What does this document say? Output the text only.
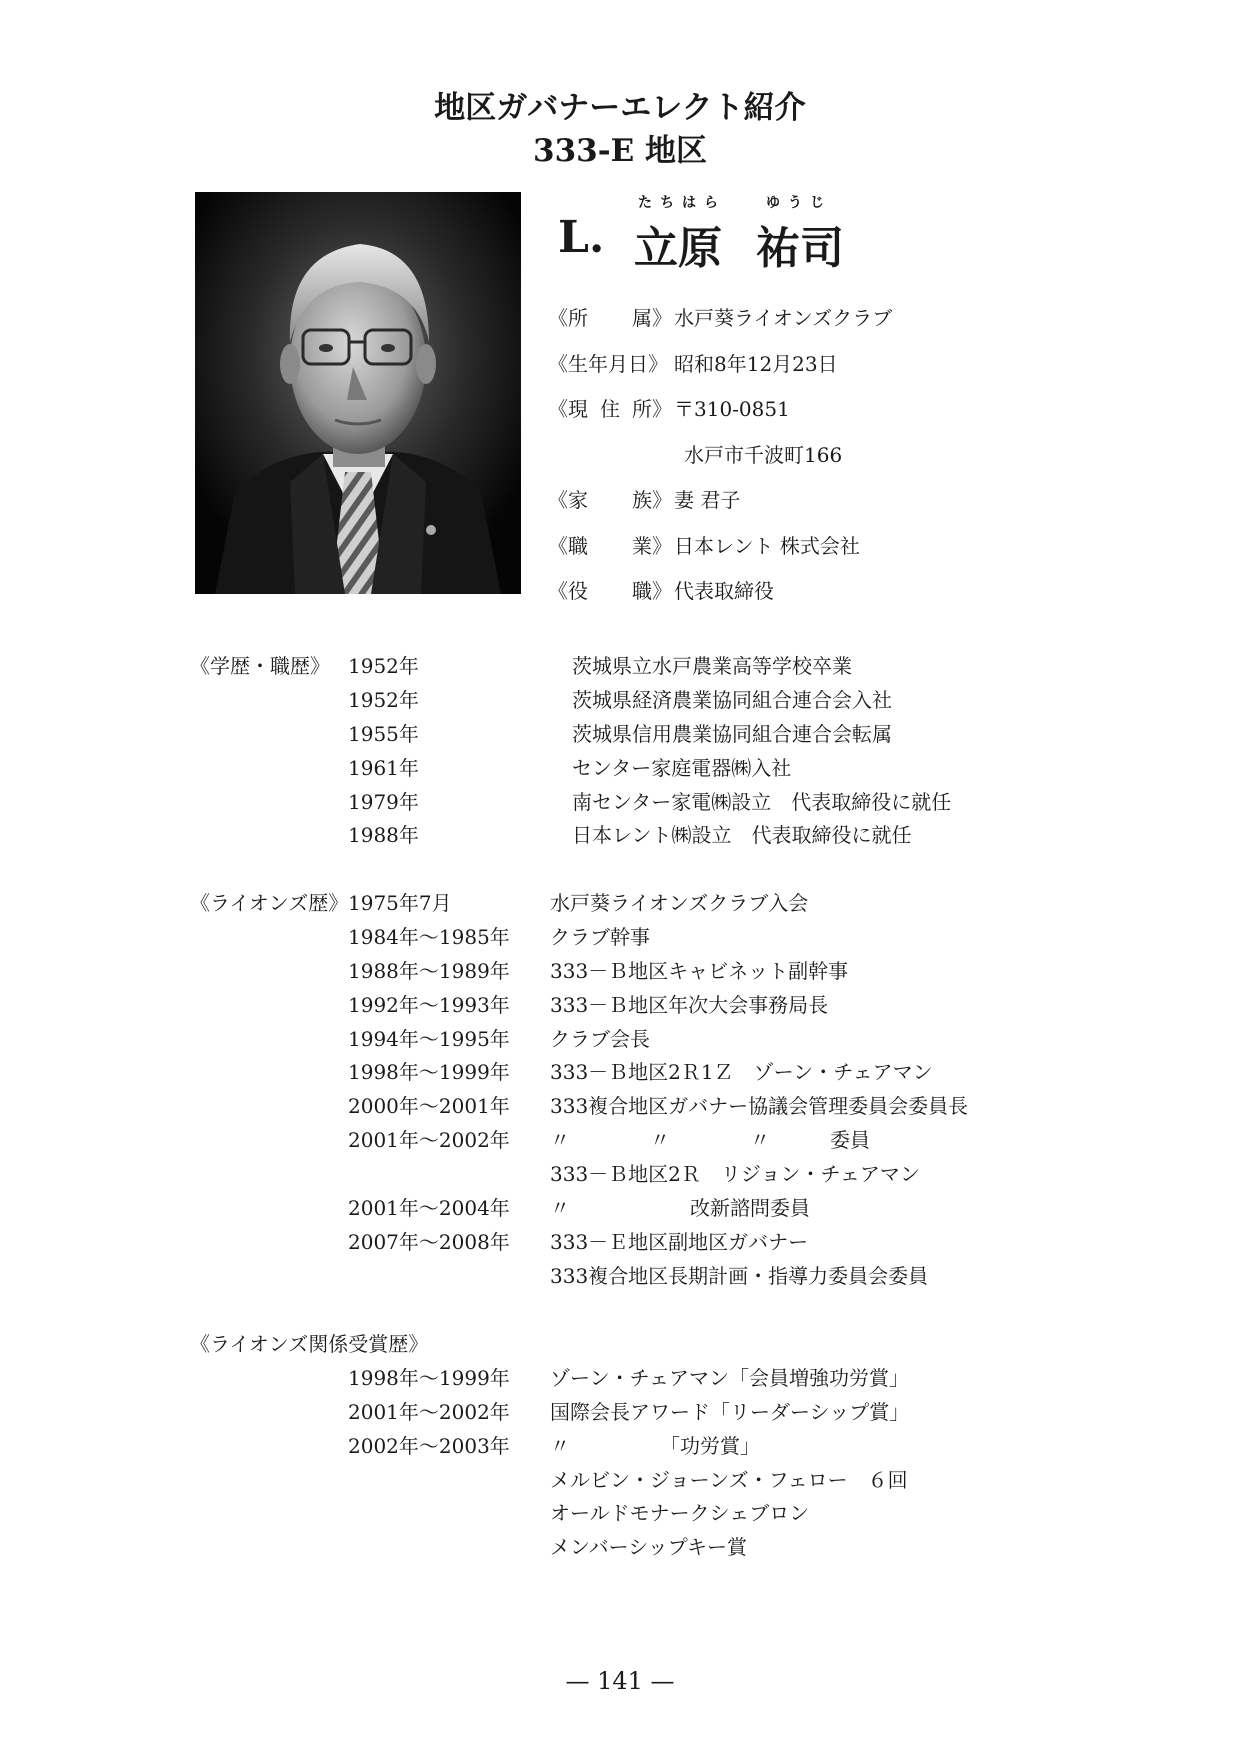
地区ガバナーエレクト紹介
333-E 地区
たちはら	ゆうじ
L. 立原 祐司
《所 属》 水戸葵ライオンズクラブ
《生年月日》 昭和8年12月23日
《現 住 所》 〒310-0851
水戸市千波町166
《家 族》 妻 君子
《職 業》 日本レント 株式会社
《役 職》 代表取締役
《学歴・職歴》 1952年	茨城県立水戸農業高等学校卒業
1952年	茨城県経済農業協同組合連合会入社
1955年	茨城県信用農業協同組合連合会転属
1961年	センター家庭電器㈱入社
1979年	南センター家電㈱設立　代表取締役に就任
1988年	日本レント㈱設立　代表取締役に就任
《ライオンズ歴》 1975年7月	水戸葵ライオンズクラブ入会
1984年～1985年 クラブ幹事
1988年～1989年 333－Ｂ地区キャビネット副幹事
1992年～1993年 333－Ｂ地区年次大会事務局長
1994年～1995年 クラブ会長
1998年～1999年 333－Ｂ地区2Ｒ1Ｚ　ゾーン・チェアマン
2000年～2001年 333複合地区ガバナー協議会管理委員会委員長
2001年～2002年 〃　　　　〃　　　　〃　　　委員
333－Ｂ地区2Ｒ　リジョン・チェアマン
2001年～2004年 〃　　　　　　改新諮問委員
2007年～2008年 333－Ｅ地区副地区ガバナー
333複合地区長期計画・指導力委員会委員
《ライオンズ関係受賞歴》
1998年～1999年 ゾーン・チェアマン「会員増強功労賞」
2001年～2002年 国際会長アワード「リーダーシップ賞」
2002年～2003年 〃　　　　　「功労賞」
メルビン・ジョーンズ・フェロー　６回
オールドモナークシェブロン
メンバーシップキー賞
— 141 —
